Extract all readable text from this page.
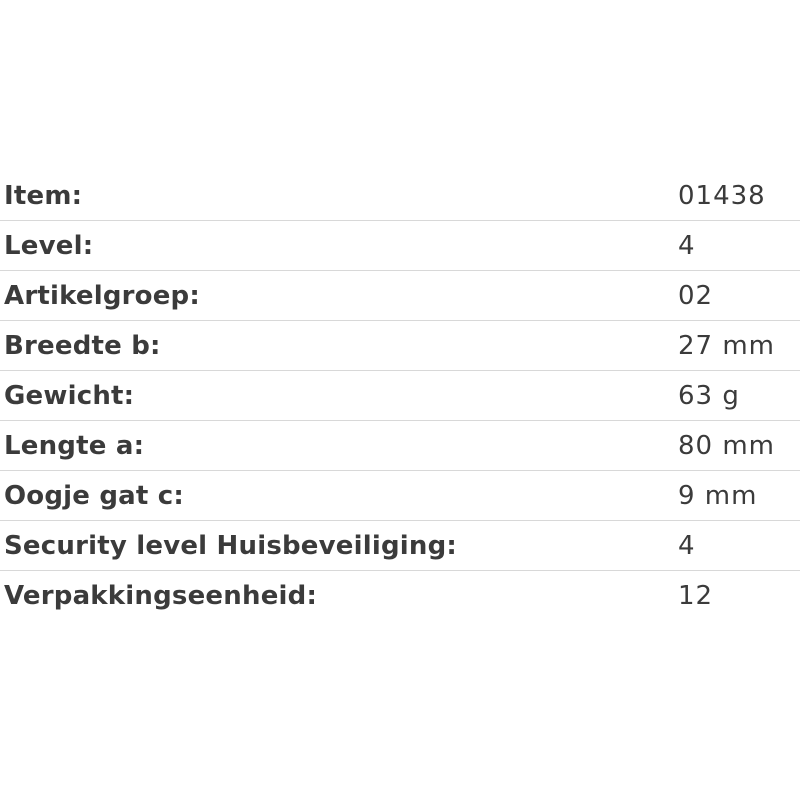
Item:	01438
Level:	4
Artikelgroep:	02
Breedte b:	27 mm
Gewicht:	63 g
Lengte a:	80 mm
Oogje gat c:	9 mm
Security level Huisbeveiliging:	4
Verpakkingseenheid:	12
